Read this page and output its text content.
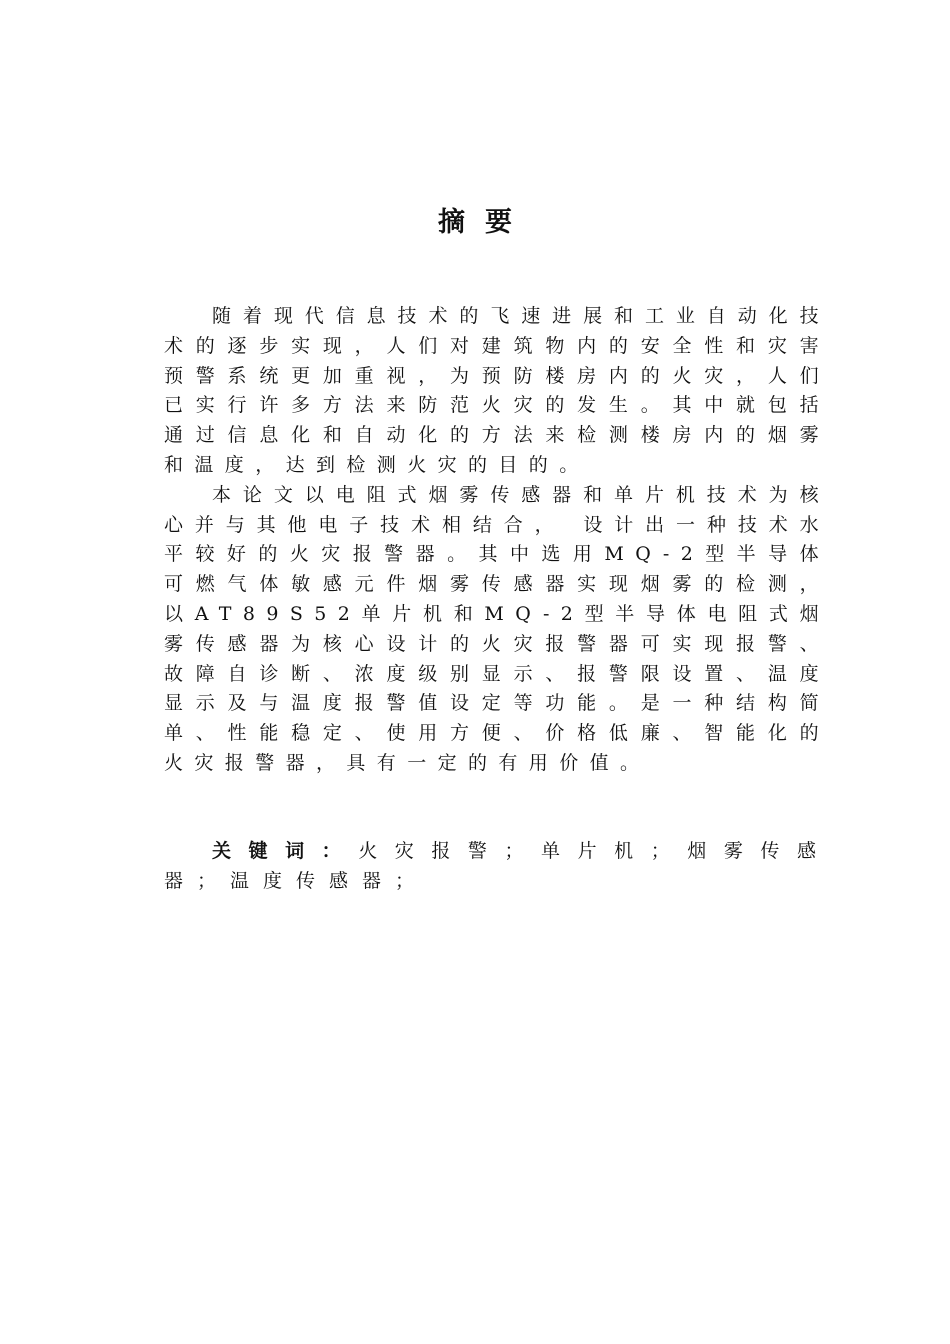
摘要

随着现代信息技术的飞速进展和工业自动化技术的逐步实现，人们对建筑物内的安全性和灾害预警系统更加重视，为预防楼房内的火灾，人们已实行许多方法来防范火灾的发生。其中就包括通过信息化和自动化的方法来检测楼房内的烟雾和温度，达到检测火灾的目的。

本论文以电阻式烟雾传感器和单片机技术为核心并与其他电子技术相结合， 设计出一种技术水平较好的火灾报警器。其中选用MQ-2型半导体可燃气体敏感元件烟雾传感器实现烟雾的检测，以AT89S52单片机和MQ-2型半导体电阻式烟雾传感器为核心设计的火灾报警器可实现报警、故障自诊断、浓度级别显示、报警限设置、温度显示及与温度报警值设定等功能。是一种结构简单、性能稳定、使用方便、价格低廉、智能化的火灾报警器，具有一定的有用价值。

关键词：火灾报警；单片机；烟雾传感器；温度传感器；
